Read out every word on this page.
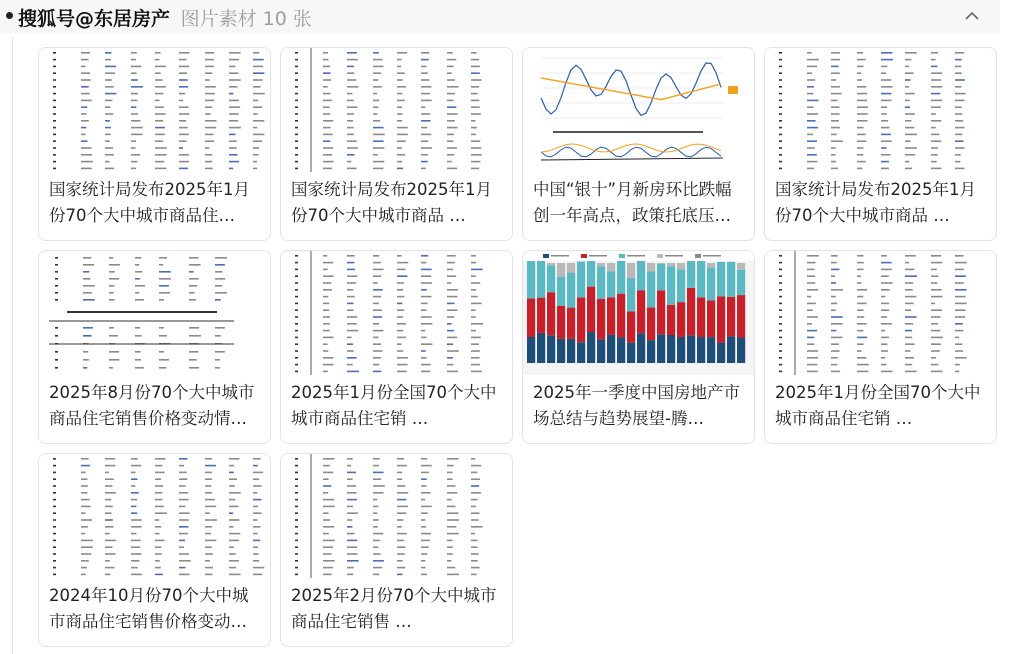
搜狐号@东居房产 图片素材 10 张
国家统计局发布2025年1月份70个大中城市商品住…
国家统计局发布2025年1月份70个大中城市商品 …
中国“银十”月新房环比跌幅创一年高点，政策托底压…
国家统计局发布2025年1月份70个大中城市商品 …
2025年8月份70个大中城市商品住宅销售价格变动情…
2025年1月份全国70个大中城市商品住宅销 …
2025年一季度中国房地产市场总结与趋势展望-腾…
2025年1月份全国70个大中城市商品住宅销 …
2024年10月份70个大中城市商品住宅销售价格变动…
2025年2月份70个大中城市商品住宅销售 …
